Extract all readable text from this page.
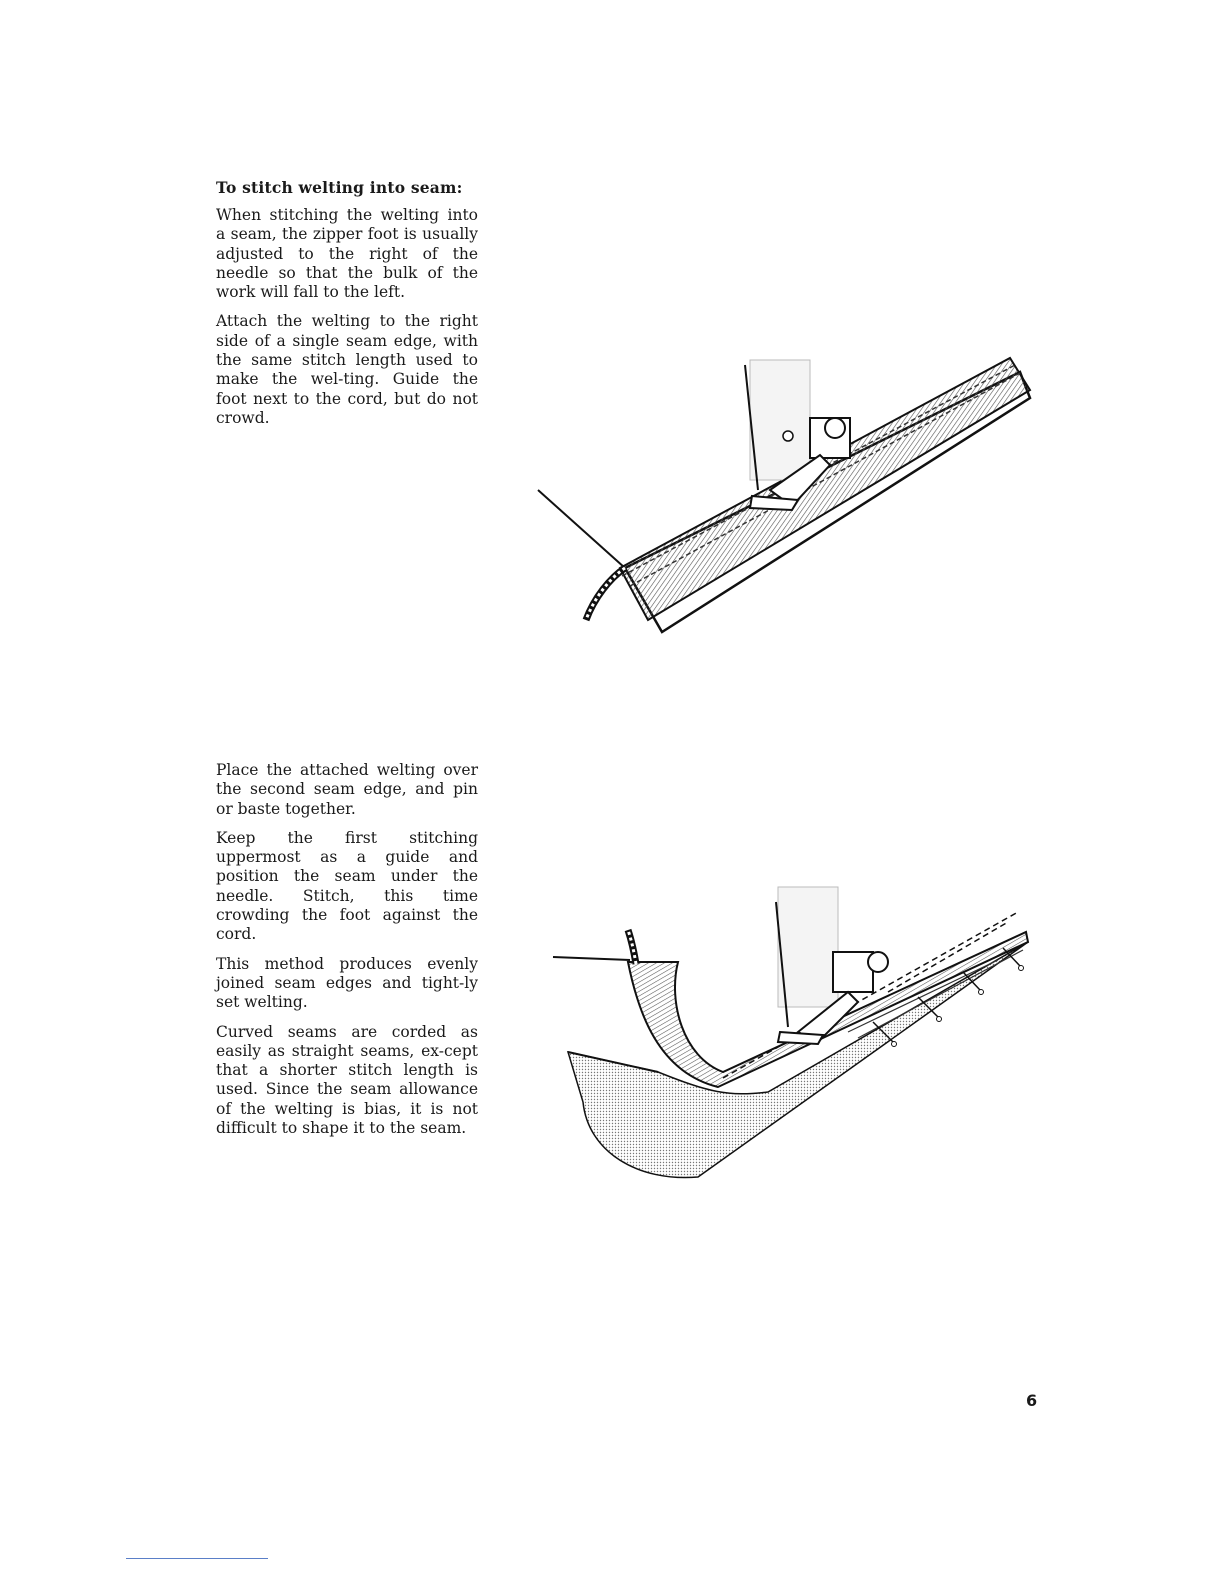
To stitch welting into seam:

When stitching the welting into a seam, the zipper foot is usually adjusted to the right of the needle so that the bulk of the work will fall to the left.

Attach the welting to the right side of a single seam edge, with the same stitch length used to make the wel-ting. Guide the foot next to the cord, but do not crowd.

Place the attached welting over the second seam edge, and pin or baste together.

Keep the first stitching uppermost as a guide and position the seam under the needle. Stitch, this time crowding the foot against the cord.

This method produces evenly joined seam edges and tight-ly set welting.

Curved seams are corded as easily as straight seams, ex-cept that a shorter stitch length is used. Since the seam allowance of the welting is bias, it is not difficult to shape it to the seam.

6
